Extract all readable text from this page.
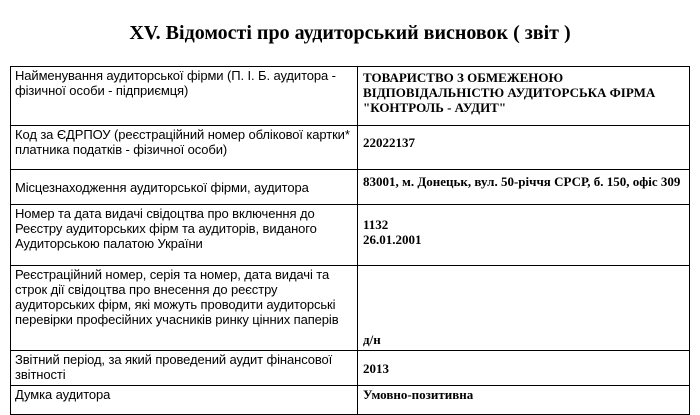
XV. Відомості про аудиторський висновок ( звіт )
Найменування аудиторської фірми (П. І. Б. аудитора - фізичної особи - підприємця)	ТОВАРИСТВО З ОБМЕЖЕНОЮ ВІДПОВІДАЛЬНІСТЮ АУДИТОРСЬКА ФІРМА "КОНТРОЛЬ - АУДИТ"
Код за ЄДРПОУ (реєстраційний номер облікової картки* платника податків - фізичної особи)	22022137
Місцезнаходження аудиторської фірми, аудитора	83001, м. Донецьк, вул. 50-річчя СРСР, б. 150, офіс 309
Номер та дата видачі свідоцтва про включення до Реєстру аудиторських фірм та аудиторів, виданого Аудиторською палатою України	1132
26.01.2001

Реєстраційний номер, серія та номер, дата видачі та строк дії свідоцтва про внесення до реєстру аудиторських фірм, які можуть проводити аудиторські перевірки професійних учасників ринку цінних паперів	д/н
Звітний період, за який проведений аудит фінансової звітності	2013
Думка аудитора	Умовно-позитивна
